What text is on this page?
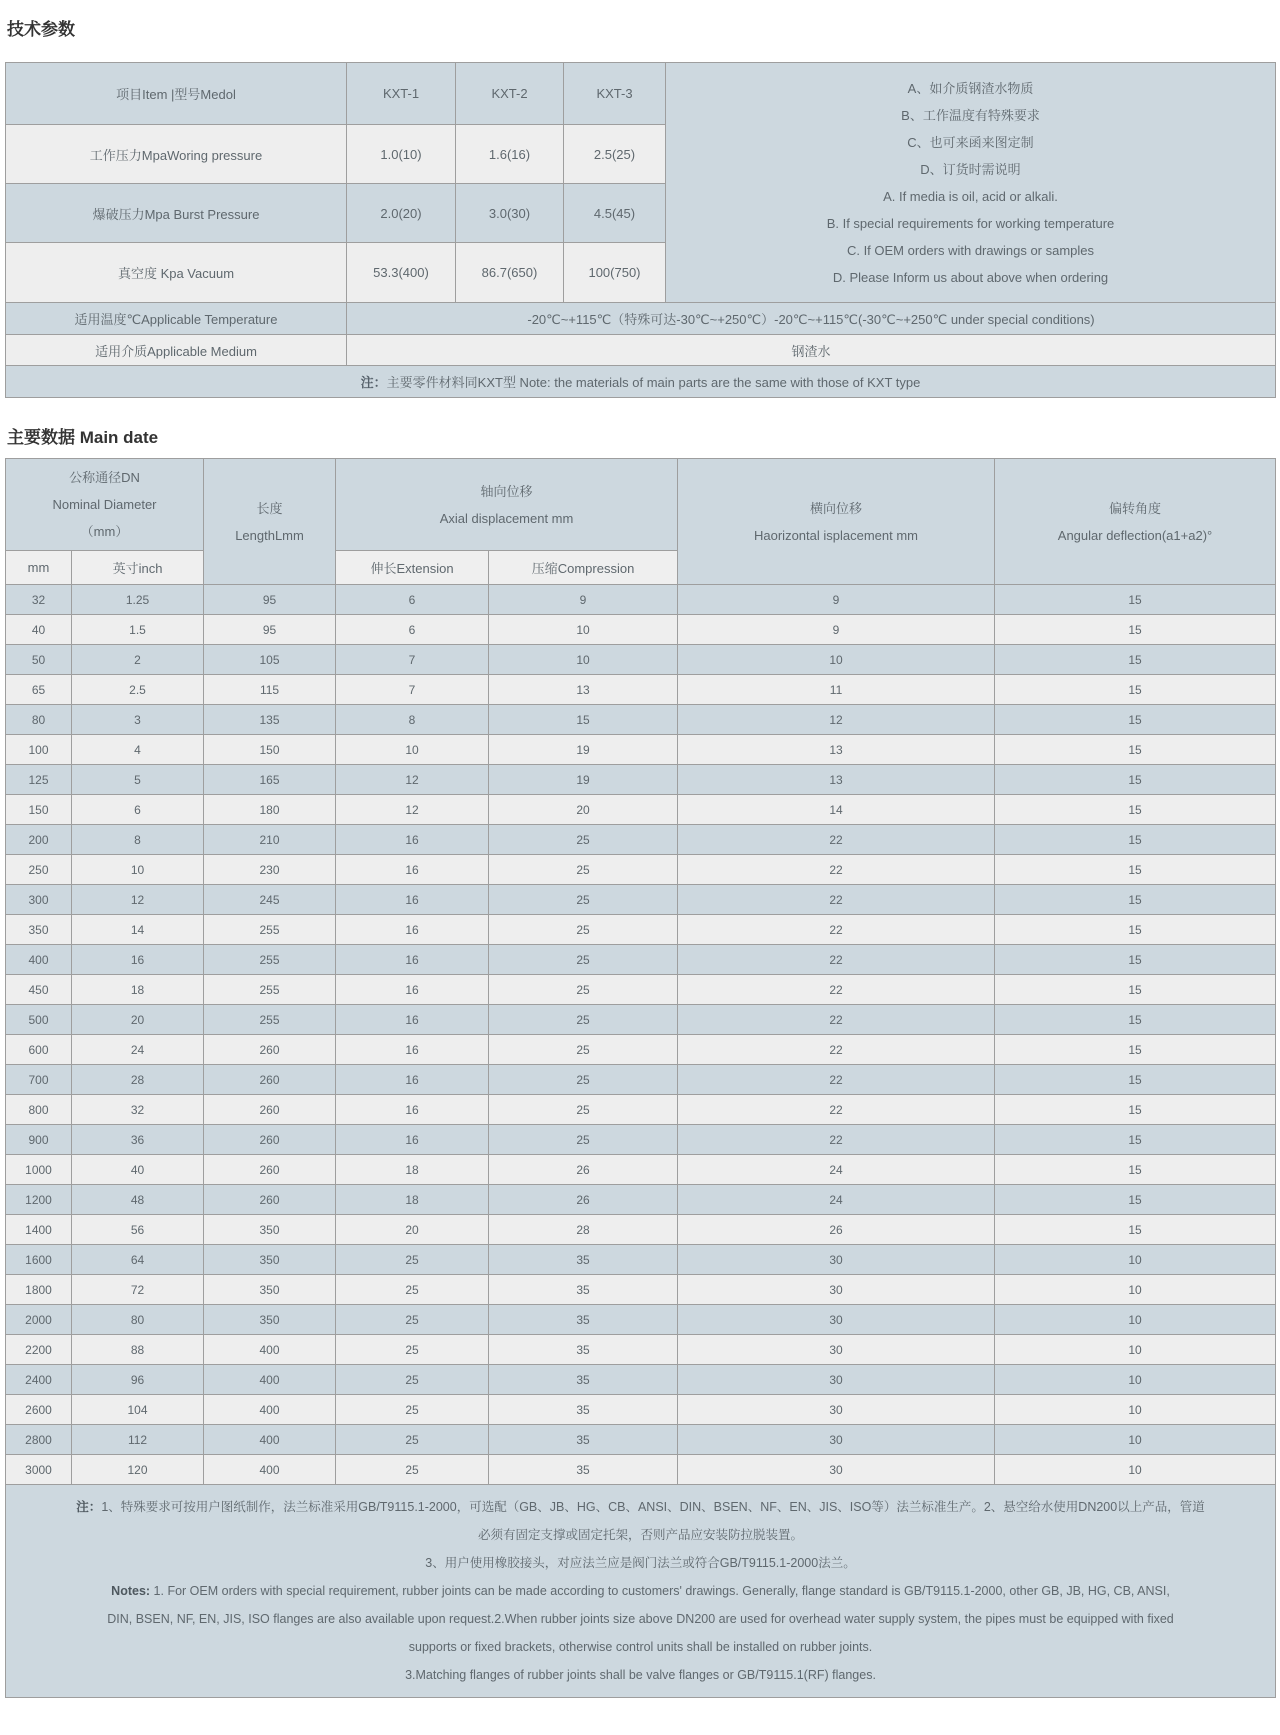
技术参数
项目Item |型号Medol	KXT-1	KXT-2	KXT-3	A、如介质钢渣水物质
B、工作温度有特殊要求
C、也可来函来图定制
D、订货时需说明
A. If media is oil, acid or alkali.
B. If special requirements for working temperature
C. If OEM orders with drawings or samples
D. Please Inform us about above when ordering

工作压力MpaWoring pressure	1.0(10)	1.6(16)	2.5(25)	
爆破压力Mpa Burst Pressure	2.0(20)	3.0(30)	4.5(45)	
真空度 Kpa Vacuum	53.3(400)	86.7(650)	100(750)	
适用温度℃Applicable Temperature	-20℃~+115℃（特殊可达-30℃~+250℃）-20℃~+115℃(-30℃~+250℃ under special conditions)			
适用介质Applicable Medium	钢渣水			
注：主要零件材料同KXT型 Note: the materials of main parts are the same with those of KXT type				
主要数据 Main date
公称通径DN
Nominal Diameter
（mm）

长度
LengthLmm

轴向位移
Axial displacement mm

横向位移
Haorizontal isplacement mm

偏转角度
Angular deflection(a1+a2)°

mm	英寸inch		伸长Extension	压缩Compression		
32	1.25	95	6	9	9	15
40	1.5	95	6	10	9	15
50	2	105	7	10	10	15
65	2.5	115	7	13	11	15
80	3	135	8	15	12	15
100	4	150	10	19	13	15
125	5	165	12	19	13	15
150	6	180	12	20	14	15
200	8	210	16	25	22	15
250	10	230	16	25	22	15
300	12	245	16	25	22	15
350	14	255	16	25	22	15
400	16	255	16	25	22	15
450	18	255	16	25	22	15
500	20	255	16	25	22	15
600	24	260	16	25	22	15
700	28	260	16	25	22	15
800	32	260	16	25	22	15
900	36	260	16	25	22	15
1000	40	260	18	26	24	15
1200	48	260	18	26	24	15
1400	56	350	20	28	26	15
1600	64	350	25	35	30	10
1800	72	350	25	35	30	10
2000	80	350	25	35	30	10
2200	88	400	25	35	30	10
2400	96	400	25	35	30	10
2600	104	400	25	35	30	10
2800	112	400	25	35	30	10
3000	120	400	25	35	30	10

注：1、特殊要求可按用户图纸制作，法兰标准采用GB/T9115.1-2000，可选配（GB、JB、HG、CB、ANSI、DIN、BSEN、NF、EN、JIS、ISO等）法兰标准生产。2、悬空给水使用DN200以上产品，管道
必须有固定支撑或固定托架，否则产品应安装防拉脱装置。
3、用户使用橡胶接头，对应法兰应是阀门法兰或符合GB/T9115.1-2000法兰。
Notes: 1. For OEM orders with special requirement, rubber joints can be made according to customers' drawings. Generally, flange standard is GB/T9115.1-2000, other GB, JB, HG, CB, ANSI,
DIN, BSEN, NF, EN, JIS, ISO flanges are also available upon request.2.When rubber joints size above DN200 are used for overhead water supply system, the pipes must be equipped with fixed
supports or fixed brackets, otherwise control units shall be installed on rubber joints.
3.Matching flanges of rubber joints shall be valve flanges or GB/T9115.1(RF) flanges.
